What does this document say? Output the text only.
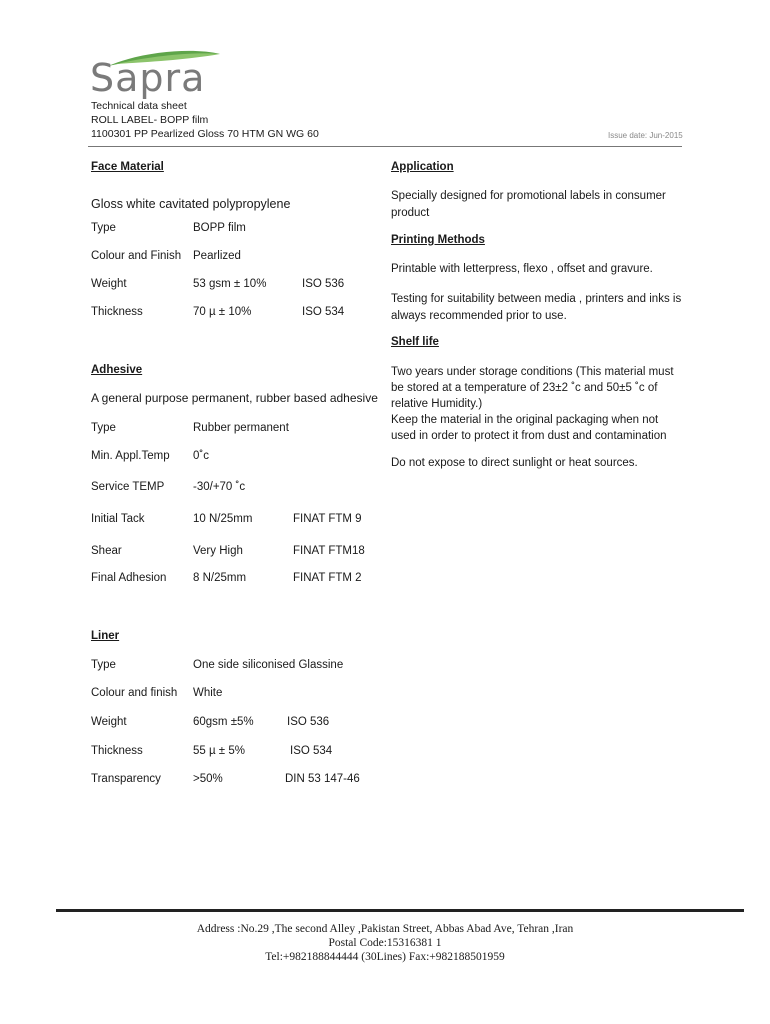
Sapra
Technical data sheet
ROLL LABEL- BOPP film
1100301 PP Pearlized Gloss 70 HTM GN WG 60	Issue date: Jun-2015
Face Material
Gloss white cavitated polypropylene
Type	BOPP film
Colour and Finish Pearlized
Weight	53 gsm ± 10%	ISO 536
Thickness	70 µ ± 10%	ISO 534
Adhesive
A general purpose permanent, rubber based adhesive
Type	Rubber permanent
Min. Appl.Temp 0˚c
Service TEMP -30/+70 ˚c
Initial Tack	10 N/25mm	FINAT FTM 9
Shear	Very High	FINAT FTM18
Final Adhesion 8 N/25mm	FINAT FTM 2
Liner
Type	One side siliconised Glassine
Colour and finish White
Weight	60gsm ±5%	ISO 536
Thickness	55 µ ± 5%	ISO 534
Transparency	>50%	DIN 53 147-46
Application
Specially designed for promotional labels in consumer product
Printing Methods
Printable with letterpress, flexo , offset and gravure.
Testing for suitability between media , printers and inks is always recommended prior to use.
Shelf life
Two years under storage conditions (This material must be stored at a temperature of 23±2 ˚c and 50±5 ˚c of relative Humidity.)
Keep the material in the original packaging when not used in order to protect it from dust and contamination
Do not expose to direct sunlight or heat sources.
Address :No.29 ,The second Alley ,Pakistan Street, Abbas Abad Ave, Tehran ,Iran
Postal Code:15316381 1
Tel:+982188844444 (30Lines) Fax:+982188501959
